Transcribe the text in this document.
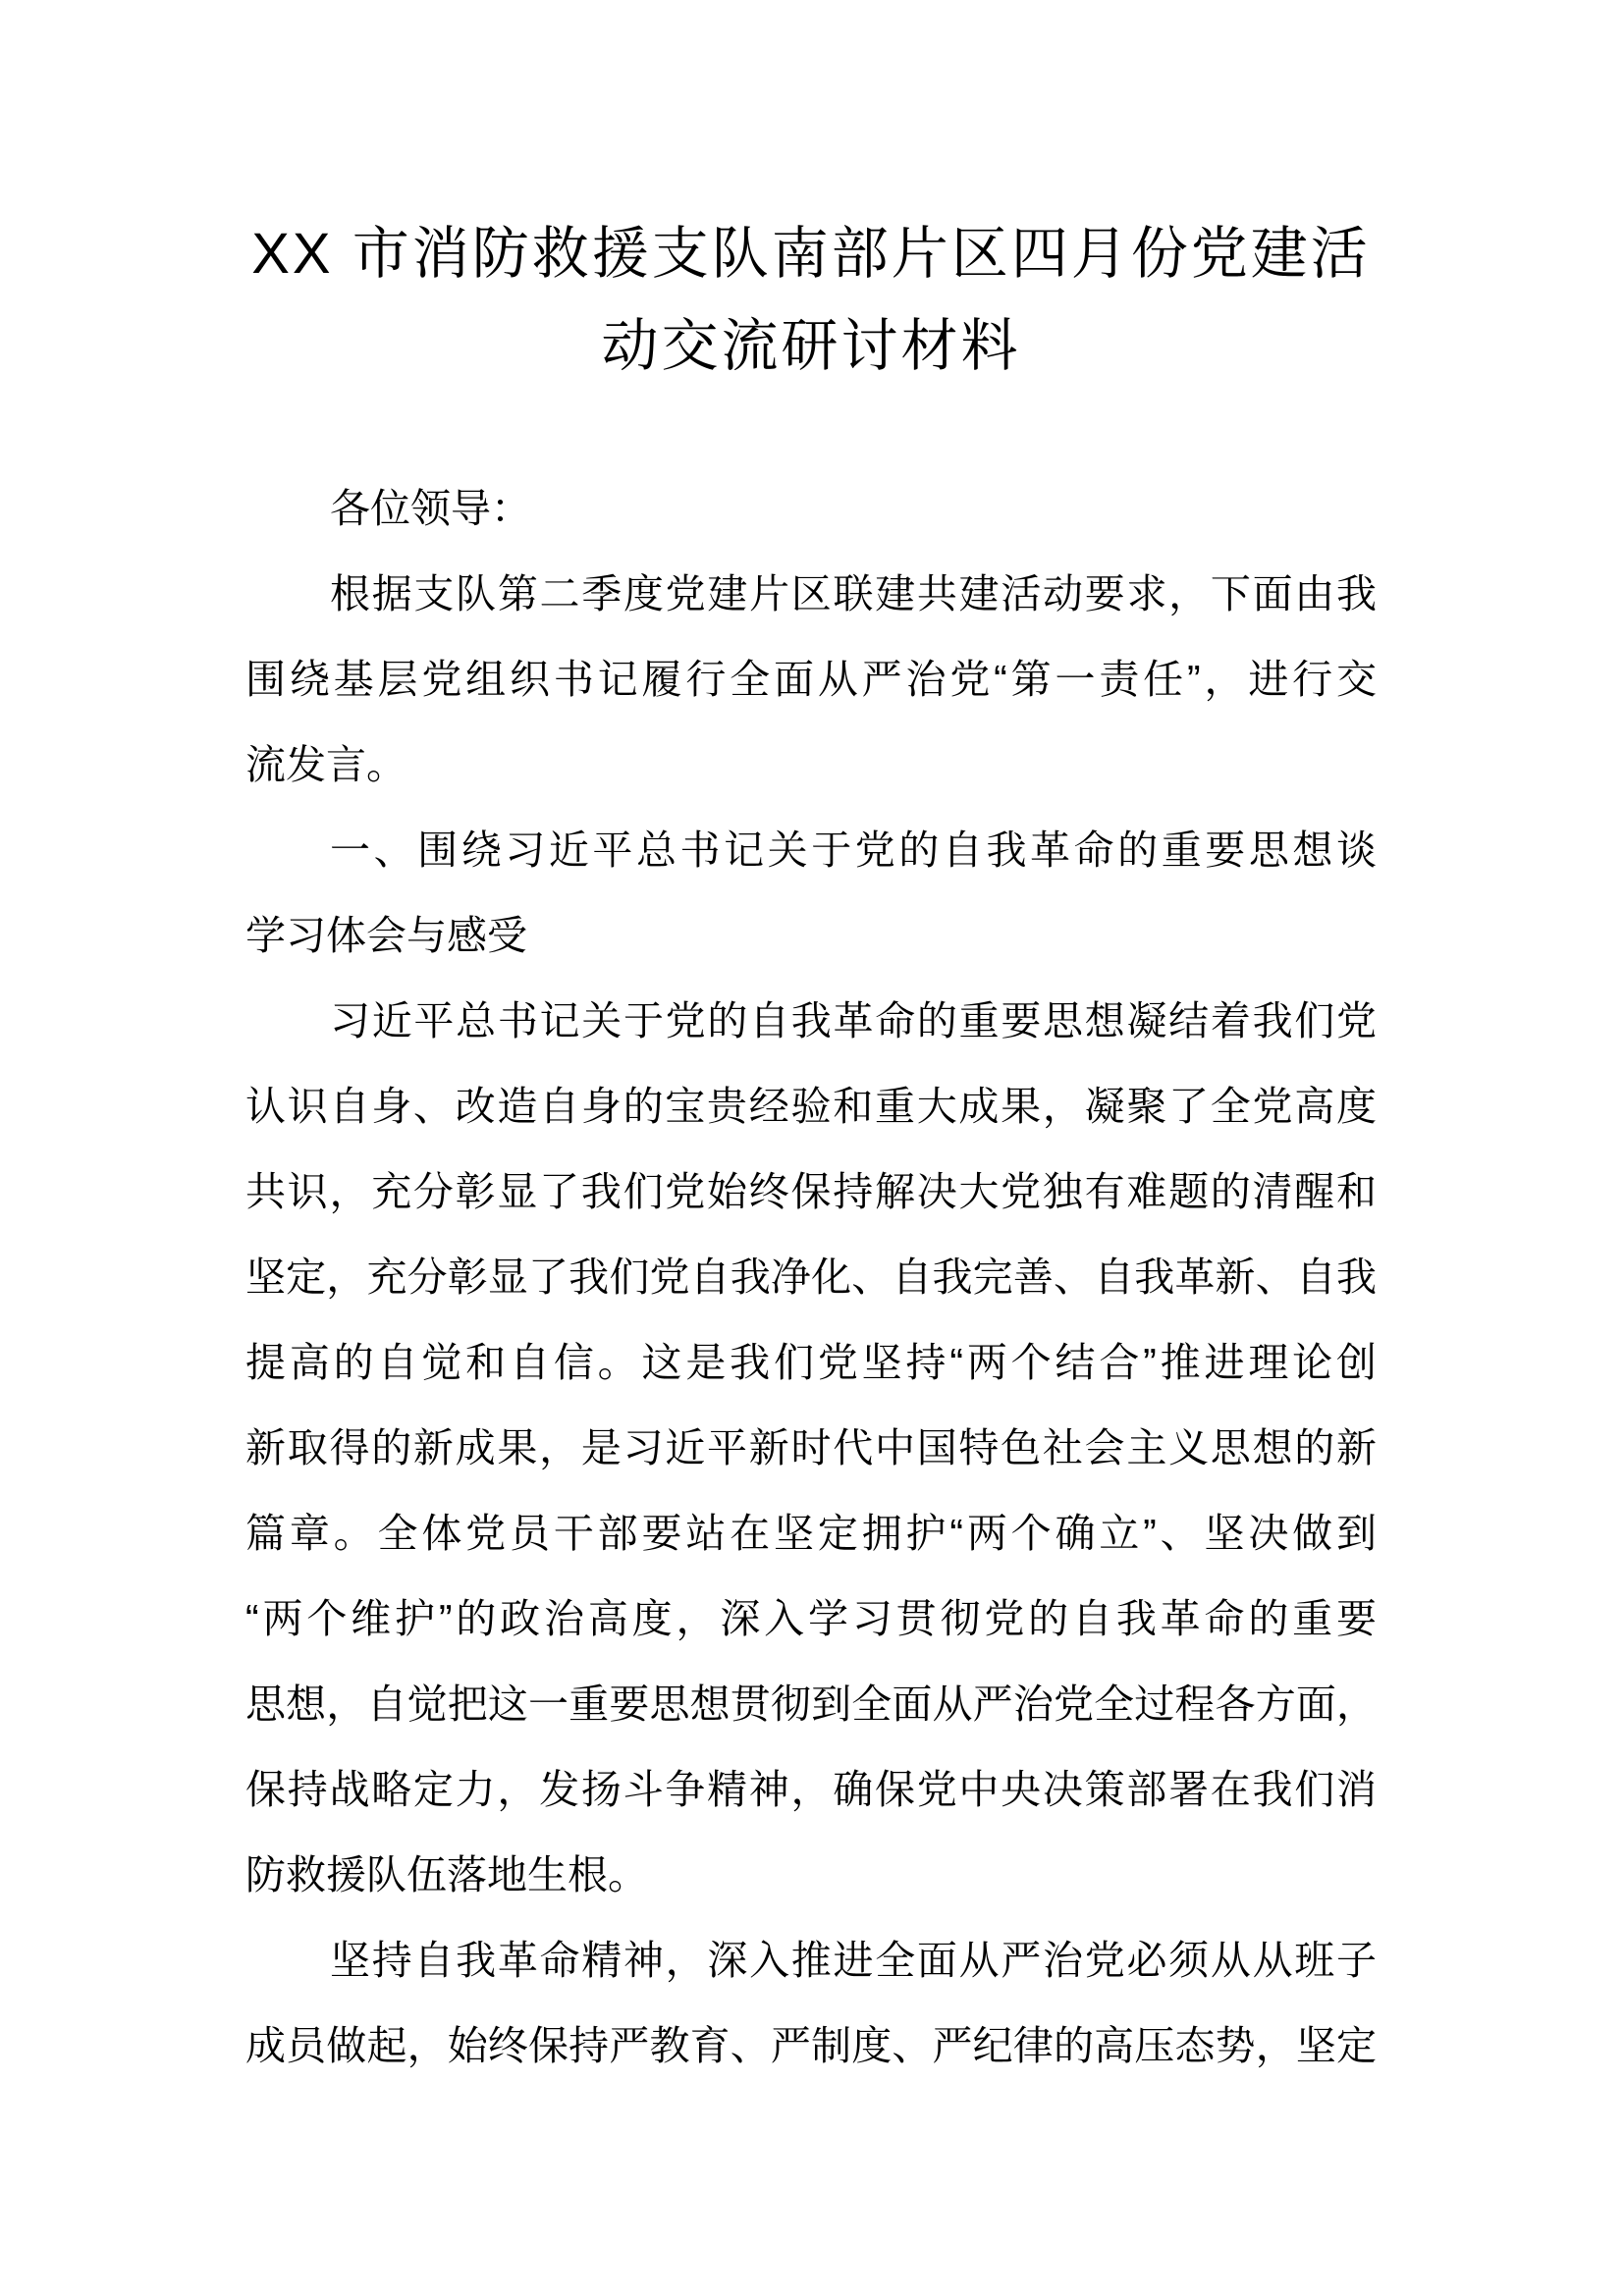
XX 市消防救援支队南部片区四月份党建活
动交流研讨材料
各位领导：
根据支队第二季度党建片区联建共建活动要求，下面由我
围绕基层党组织书记履行全面从严治党“第一责任”，进行交
流发言。
一、围绕习近平总书记关于党的自我革命的重要思想谈
学习体会与感受
习近平总书记关于党的自我革命的重要思想凝结着我们党
认识自身、改造自身的宝贵经验和重大成果，凝聚了全党高度
共识，充分彰显了我们党始终保持解决大党独有难题的清醒和
坚定，充分彰显了我们党自我净化、自我完善、自我革新、自我
提高的自觉和自信。这是我们党坚持“两个结合”推进理论创
新取得的新成果，是习近平新时代中国特色社会主义思想的新
篇章。全体党员干部要站在坚定拥护“两个确立”、坚决做到
“两个维护”的政治高度，深入学习贯彻党的自我革命的重要
思想，自觉把这一重要思想贯彻到全面从严治党全过程各方面，
保持战略定力，发扬斗争精神，确保党中央决策部署在我们消
防救援队伍落地生根。
坚持自我革命精神，深入推进全面从严治党必须从从班子
成员做起，始终保持严教育、严制度、严纪律的高压态势，坚定
